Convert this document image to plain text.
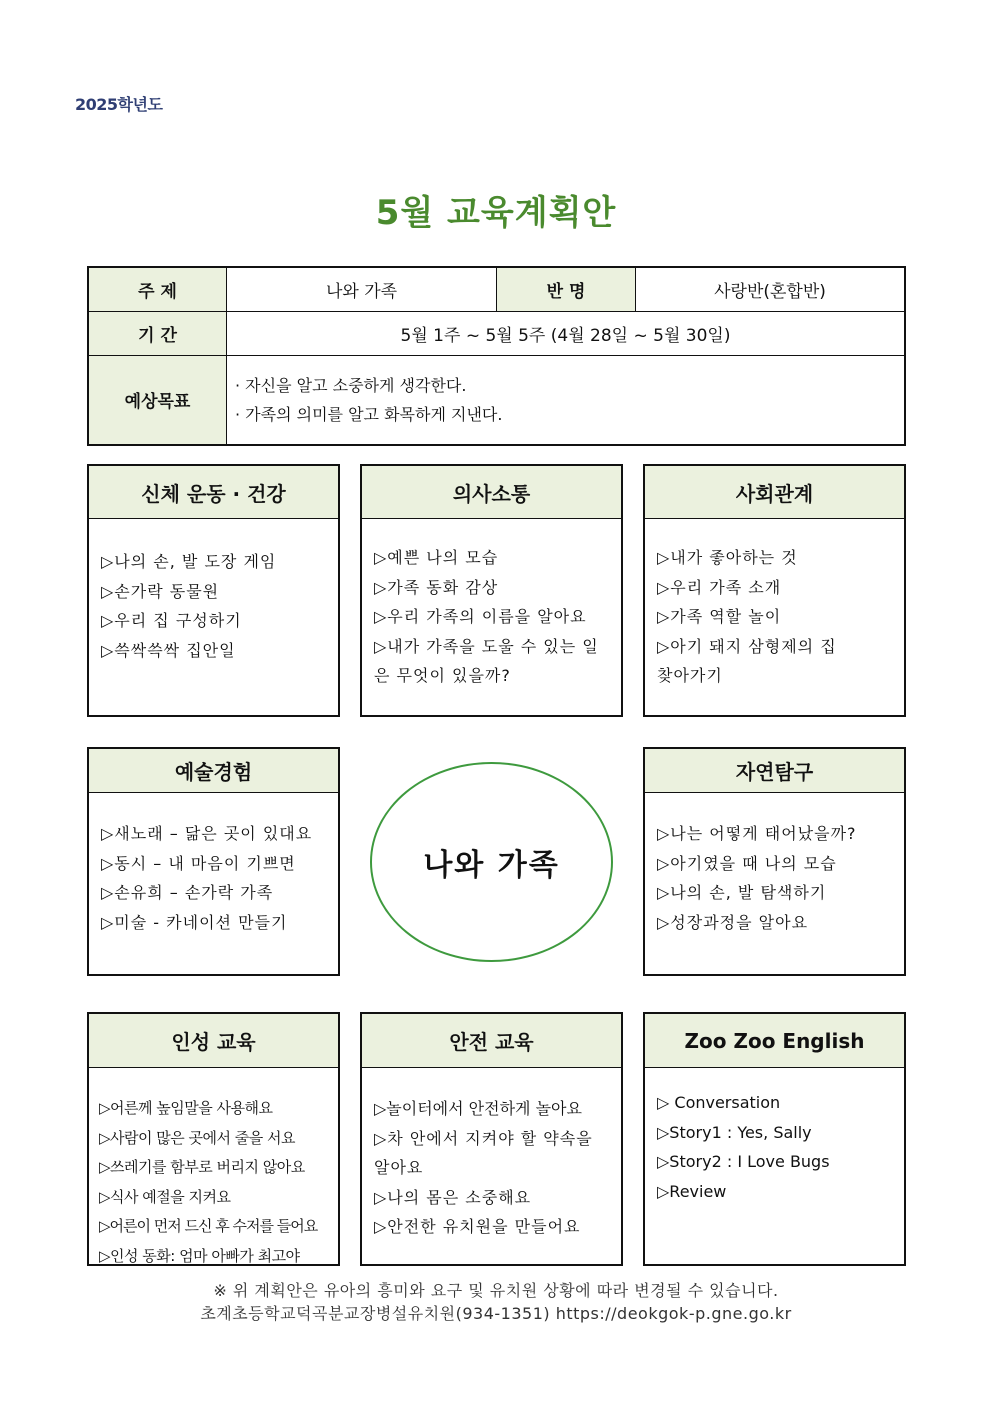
2025학년도
5월 교육계획안
주 제	나와 가족	반 명	사랑반(혼합반)
기 간	5월 1주 ~ 5월 5주 (4월 28일 ~ 5월 30일)		
예상목표	· 자신을 알고 소중하게 생각한다.
· 가족의 의미를 알고 화목하게 지낸다.		
신체 운동 · 건강
▷나의 손, 발 도장 게임
▷손가락 동물원
▷우리 집 구성하기
▷쓱싹쓱싹 집안일
의사소통
▷예쁜 나의 모습
▷가족 동화 감상
▷우리 가족의 이름을 알아요
▷내가 가족을 도울 수 있는 일은 무엇이 있을까?
사회관계
▷내가 좋아하는 것
▷우리 가족 소개
▷가족 역할 놀이
▷아기 돼지 삼형제의 집 찾아가기
예술경험
▷새노래 – 닮은 곳이 있대요
▷동시 – 내 마음이 기쁘면
▷손유희 – 손가락 가족
▷미술 - 카네이션 만들기
나와 가족
자연탐구
▷나는 어떻게 태어났을까?
▷아기였을 때 나의 모습
▷나의 손, 발 탐색하기
▷성장과정을 알아요
인성 교육
▷어른께 높임말을 사용해요
▷사람이 많은 곳에서 줄을 서요
▷쓰레기를 함부로 버리지 않아요
▷식사 예절을 지켜요
▷어른이 먼저 드신 후 수저를 들어요
▷인성 동화: 엄마 아빠가 최고야
안전 교육
▷놀이터에서 안전하게 놀아요
▷차 안에서 지켜야 할 약속을 알아요
▷나의 몸은 소중해요
▷안전한 유치원을 만들어요
Zoo Zoo English
▷ Conversation
▷Story1 : Yes, Sally
▷Story2 : I Love Bugs
▷Review
※ 위 계획안은 유아의 흥미와 요구 및 유치원 상황에 따라 변경될 수 있습니다.
초계초등학교덕곡분교장병설유치원(934-1351) https://deokgok-p.gne.go.kr
